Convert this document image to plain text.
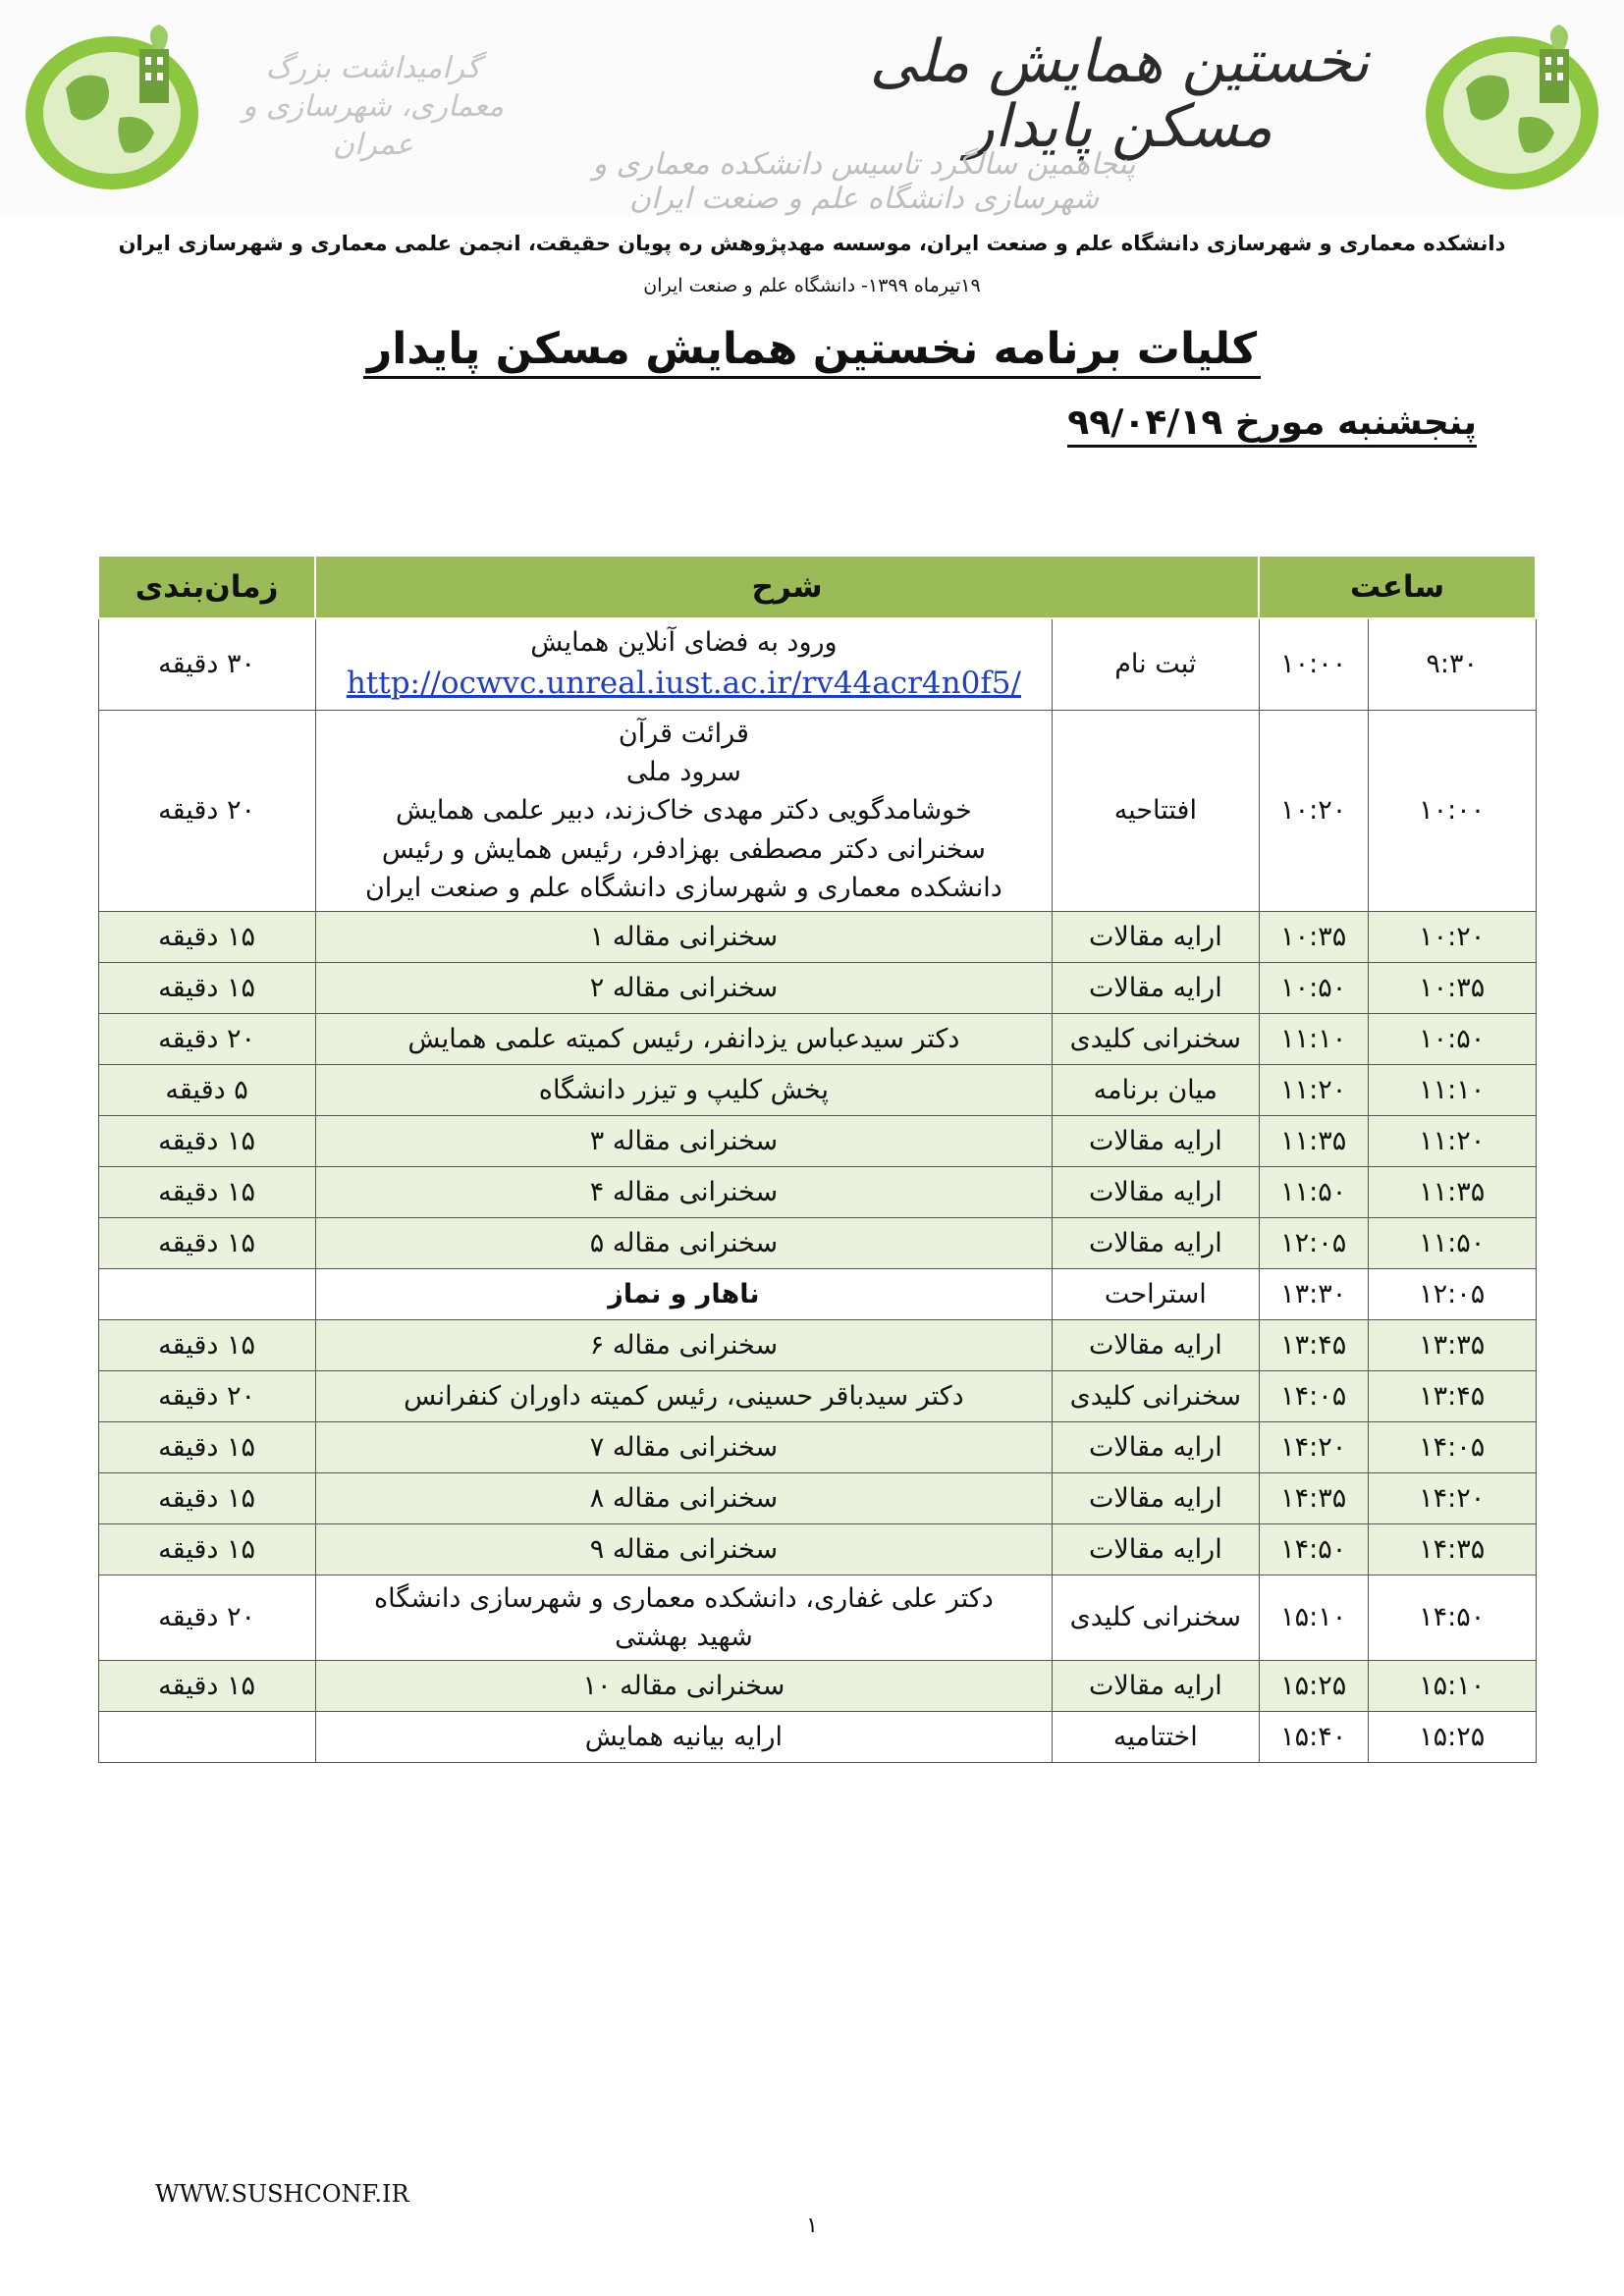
نخستین همایش ملی مسکن پایدار
پنجاهمین سالگرد تاسیس دانشکده معماری و شهرسازی دانشگاه علم و صنعت ایران
گرامیداشت بزرگ معماری، شهرسازی و عمران
دانشکده معماری و شهرسازی دانشگاه علم و صنعت ایران، موسسه مهدپژوهش ره پویان حقیقت، انجمن علمی معماری و شهرسازی ایران
۱۹تیرماه ۱۳۹۹- دانشگاه علم و صنعت ایران
کلیات برنامه نخستین همایش مسکن پایدار
پنجشنبه مورخ ۹۹/۰۴/۱۹
ساعت		شرح		زمان‌بندی
۹:۳۰	۱۰:۰۰	ثبت نام	ورود به فضای آنلاین همایش
http://ocwvc.unreal.iust.ac.ir/rv44acr4n0f5/	۳۰ دقیقه
۱۰:۰۰	۱۰:۲۰	افتتاحیه	قرائت قرآن
سرود ملی
خوشامدگویی دکتر مهدی خاک‌زند، دبیر علمی همایش
سخنرانی دکتر مصطفی بهزادفر، رئیس همایش و رئیس
دانشکده معماری و شهرسازی دانشگاه علم و صنعت ایران	۲۰ دقیقه
۱۰:۲۰	۱۰:۳۵	ارایه مقالات	سخنرانی مقاله ۱	۱۵ دقیقه
۱۰:۳۵	۱۰:۵۰	ارایه مقالات	سخنرانی مقاله ۲	۱۵ دقیقه
۱۰:۵۰	۱۱:۱۰	سخنرانی کلیدی	دکتر سیدعباس یزدانفر، رئیس کمیته علمی همایش	۲۰ دقیقه
۱۱:۱۰	۱۱:۲۰	میان برنامه	پخش کلیپ و تیزر دانشگاه	۵ دقیقه
۱۱:۲۰	۱۱:۳۵	ارایه مقالات	سخنرانی مقاله ۳	۱۵ دقیقه
۱۱:۳۵	۱۱:۵۰	ارایه مقالات	سخنرانی مقاله ۴	۱۵ دقیقه
۱۱:۵۰	۱۲:۰۵	ارایه مقالات	سخنرانی مقاله ۵	۱۵ دقیقه
۱۲:۰۵	۱۳:۳۰	استراحت	ناهار و نماز	

۱۳:۳۵	۱۳:۴۵	ارایه مقالات	سخنرانی مقاله ۶	۱۵ دقیقه
۱۳:۴۵	۱۴:۰۵	سخنرانی کلیدی	دکتر سیدباقر حسینی، رئیس کمیته داوران کنفرانس	۲۰ دقیقه
۱۴:۰۵	۱۴:۲۰	ارایه مقالات	سخنرانی مقاله ۷	۱۵ دقیقه
۱۴:۲۰	۱۴:۳۵	ارایه مقالات	سخنرانی مقاله ۸	۱۵ دقیقه
۱۴:۳۵	۱۴:۵۰	ارایه مقالات	سخنرانی مقاله ۹	۱۵ دقیقه
۱۴:۵۰	۱۵:۱۰	سخنرانی کلیدی	دکتر علی غفاری، دانشکده معماری و شهرسازی دانشگاه
شهید بهشتی	۲۰ دقیقه
۱۵:۱۰	۱۵:۲۵	ارایه مقالات	سخنرانی مقاله ۱۰	۱۵ دقیقه
۱۵:۲۵	۱۵:۴۰	اختتامیه	ارایه بیانیه همایش	

WWW.SUSHCONF.IR
۱
